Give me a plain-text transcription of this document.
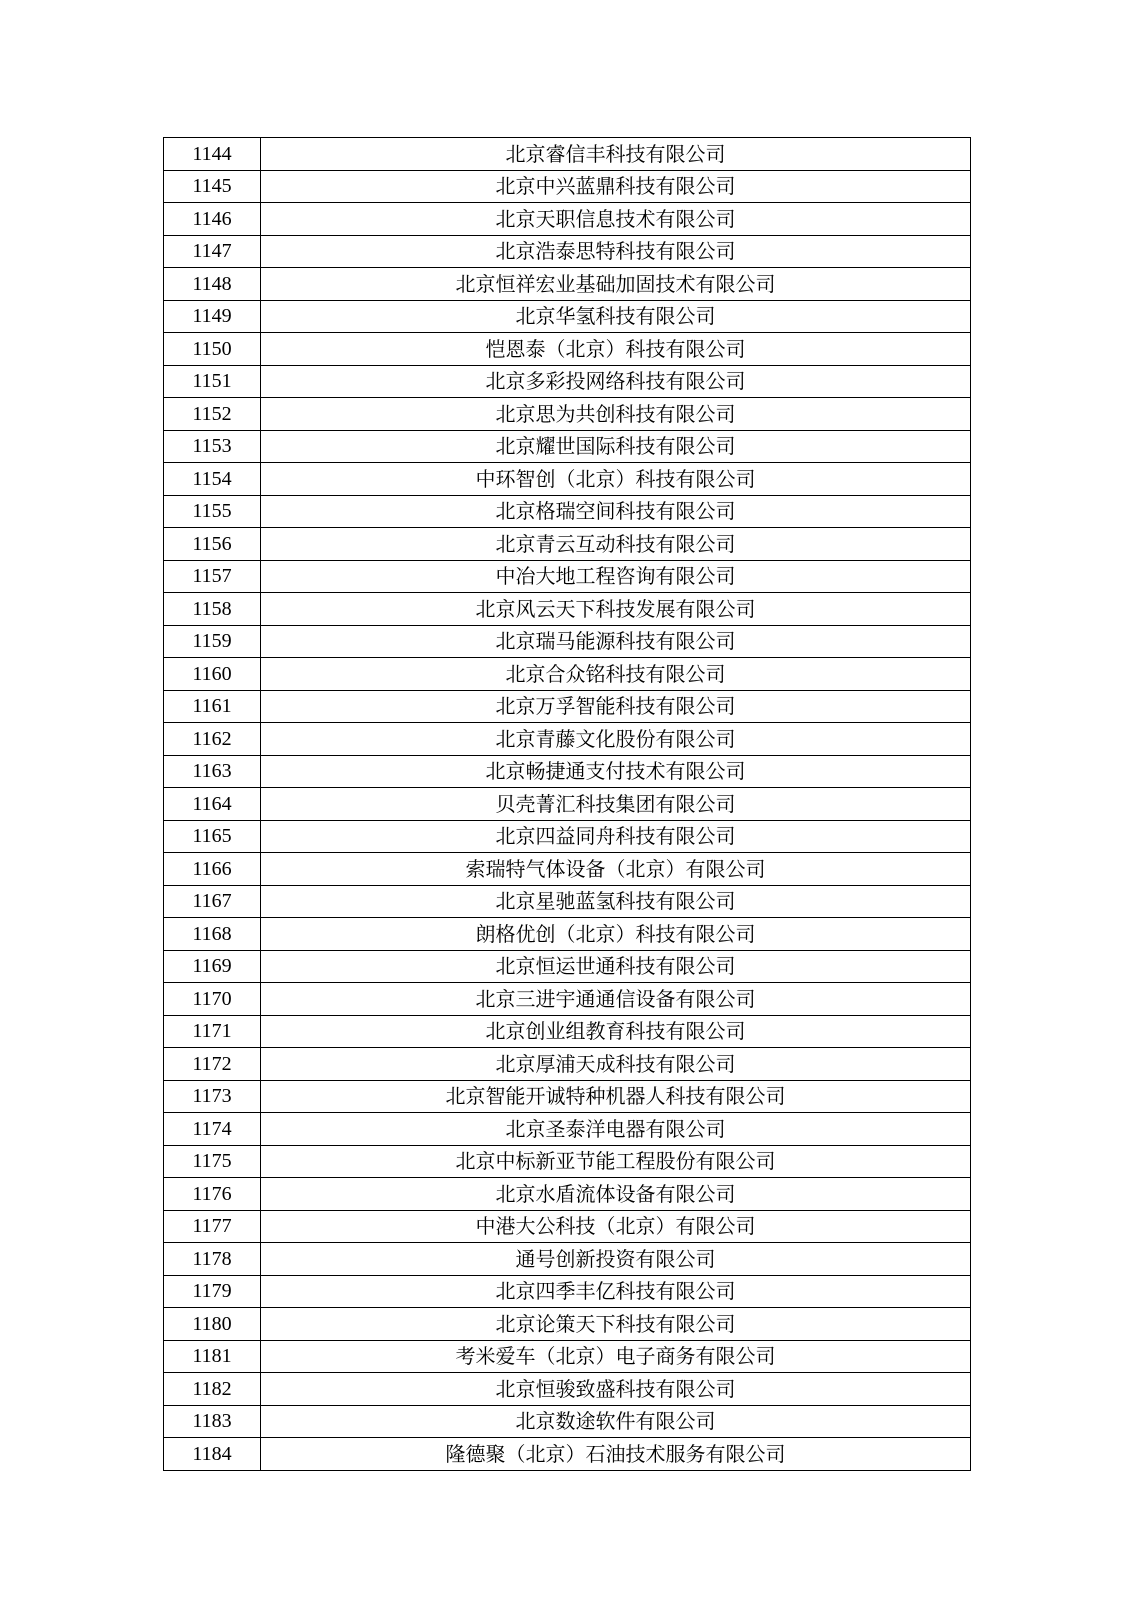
1144	北京睿信丰科技有限公司
1145	北京中兴蓝鼎科技有限公司
1146	北京天职信息技术有限公司
1147	北京浩泰思特科技有限公司
1148	北京恒祥宏业基础加固技术有限公司
1149	北京华氢科技有限公司
1150	恺恩泰（北京）科技有限公司
1151	北京多彩投网络科技有限公司
1152	北京思为共创科技有限公司
1153	北京耀世国际科技有限公司
1154	中环智创（北京）科技有限公司
1155	北京格瑞空间科技有限公司
1156	北京青云互动科技有限公司
1157	中冶大地工程咨询有限公司
1158	北京风云天下科技发展有限公司
1159	北京瑞马能源科技有限公司
1160	北京合众铭科技有限公司
1161	北京万孚智能科技有限公司
1162	北京青藤文化股份有限公司
1163	北京畅捷通支付技术有限公司
1164	贝壳菁汇科技集团有限公司
1165	北京四益同舟科技有限公司
1166	索瑞特气体设备（北京）有限公司
1167	北京星驰蓝氢科技有限公司
1168	朗格优创（北京）科技有限公司
1169	北京恒运世通科技有限公司
1170	北京三进宇通通信设备有限公司
1171	北京创业组教育科技有限公司
1172	北京厚浦天成科技有限公司
1173	北京智能开诚特种机器人科技有限公司
1174	北京圣泰洋电器有限公司
1175	北京中标新亚节能工程股份有限公司
1176	北京水盾流体设备有限公司
1177	中港大公科技（北京）有限公司
1178	通号创新投资有限公司
1179	北京四季丰亿科技有限公司
1180	北京论策天下科技有限公司
1181	考米爱车（北京）电子商务有限公司
1182	北京恒骏致盛科技有限公司
1183	北京数途软件有限公司
1184	隆德聚（北京）石油技术服务有限公司
